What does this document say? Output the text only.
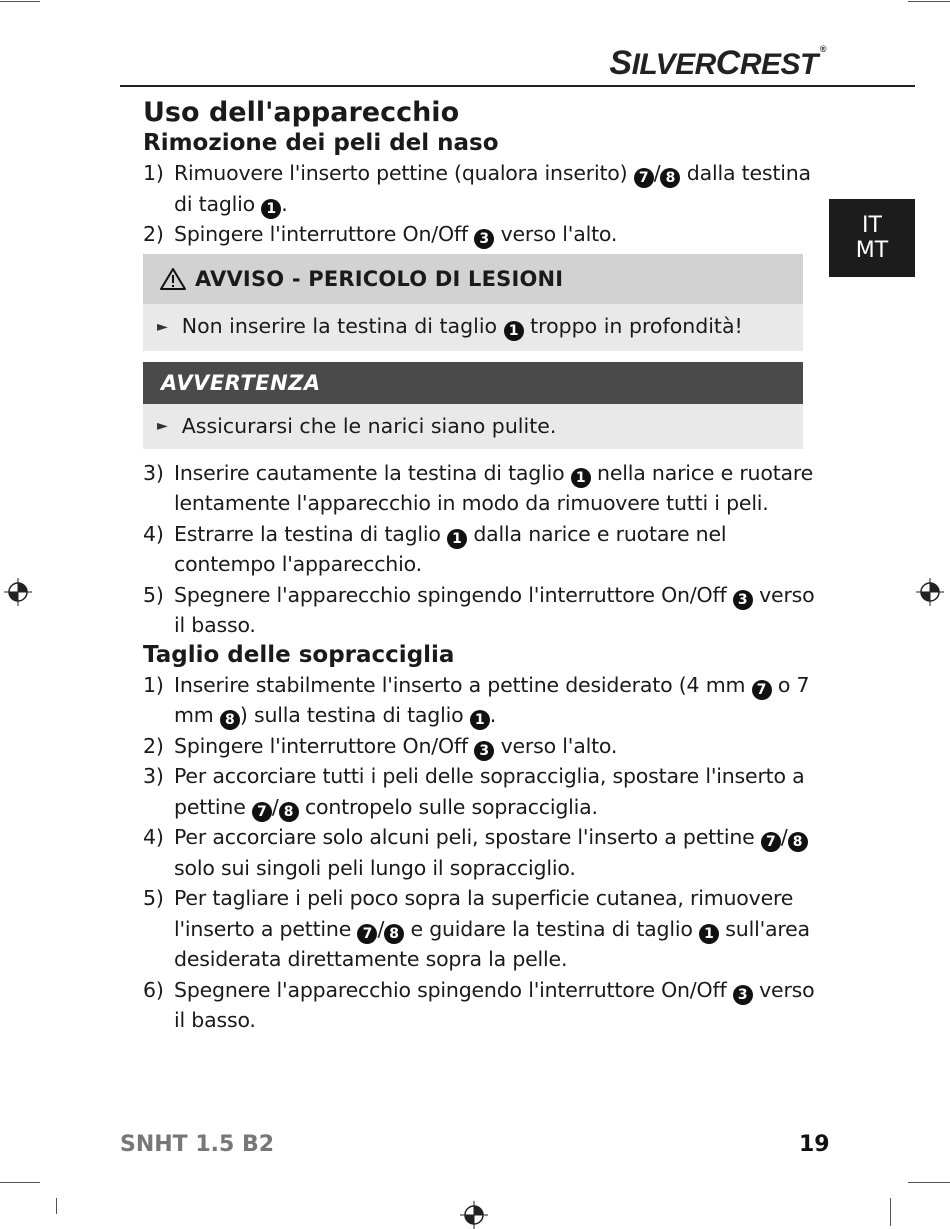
SILVERCREST ®
IT
MT
Uso dell'apparecchio
Rimozione dei peli del naso
1) Rimuovere l'inserto pettine (qualora inserito) 7 / 8 dalla testina di taglio 1 .
2) Spingere l'interruttore On/Off 3 verso l'alto.
AVVISO - PERICOLO DI LESIONI
► Non inserire la testina di taglio 1 troppo in profondità!
AVVERTENZA
► Assicurarsi che le narici siano pulite.
3) Inserire cautamente la testina di taglio 1 nella narice e ruotare lentamente l'apparecchio in modo da rimuovere tutti i peli.
4) Estrarre la testina di taglio 1 dalla narice e ruotare nel contempo l'apparecchio.
5) Spegnere l'apparecchio spingendo l'interruttore On/Off 3 verso il basso.
Taglio delle sopracciglia
1) Inserire stabilmente l'inserto a pettine desiderato (4 mm 7 o 7 mm 8 ) sulla testina di taglio 1 .
2) Spingere l'interruttore On/Off 3 verso l'alto.
3) Per accorciare tutti i peli delle sopracciglia, spostare l'inserto a pettine 7 / 8 contropelo sulle sopracciglia.
4) Per accorciare solo alcuni peli, spostare l'inserto a pettine 7 / 8 solo sui singoli peli lungo il sopracciglio.
5) Per tagliare i peli poco sopra la superficie cutanea, rimuovere l'inserto a pettine 7 / 8 e guidare la testina di taglio 1 sull'area desiderata direttamente sopra la pelle.
6) Spegnere l'apparecchio spingendo l'interruttore On/Off 3 verso il basso.
SNHT 1.5 B2	19
